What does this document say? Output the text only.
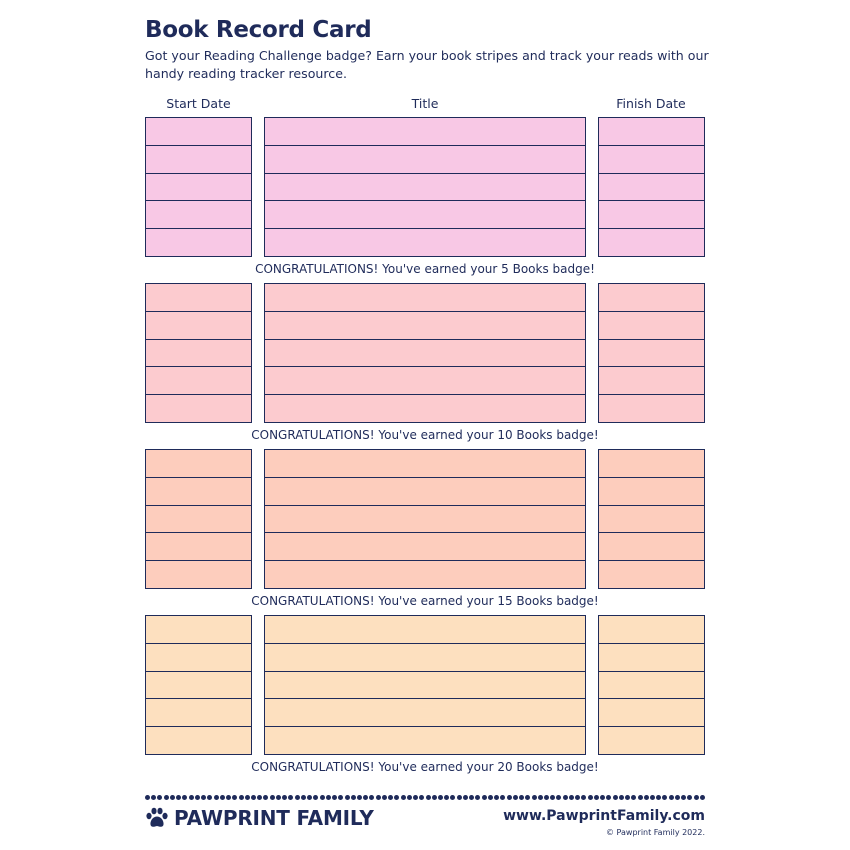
Book Record Card

Got your Reading Challenge badge? Earn your book stripes and track your reads with our handy reading tracker resource.

Start Date	Title	Finish Date
CONGRATULATIONS! You've earned your 5 Books badge!
CONGRATULATIONS! You've earned your 10 Books badge!
CONGRATULATIONS! You've earned your 15 Books badge!
CONGRATULATIONS! You've earned your 20 Books badge!
PAWPRINT FAMILY	www.PawprintFamily.com
© Pawprint Family 2022.
